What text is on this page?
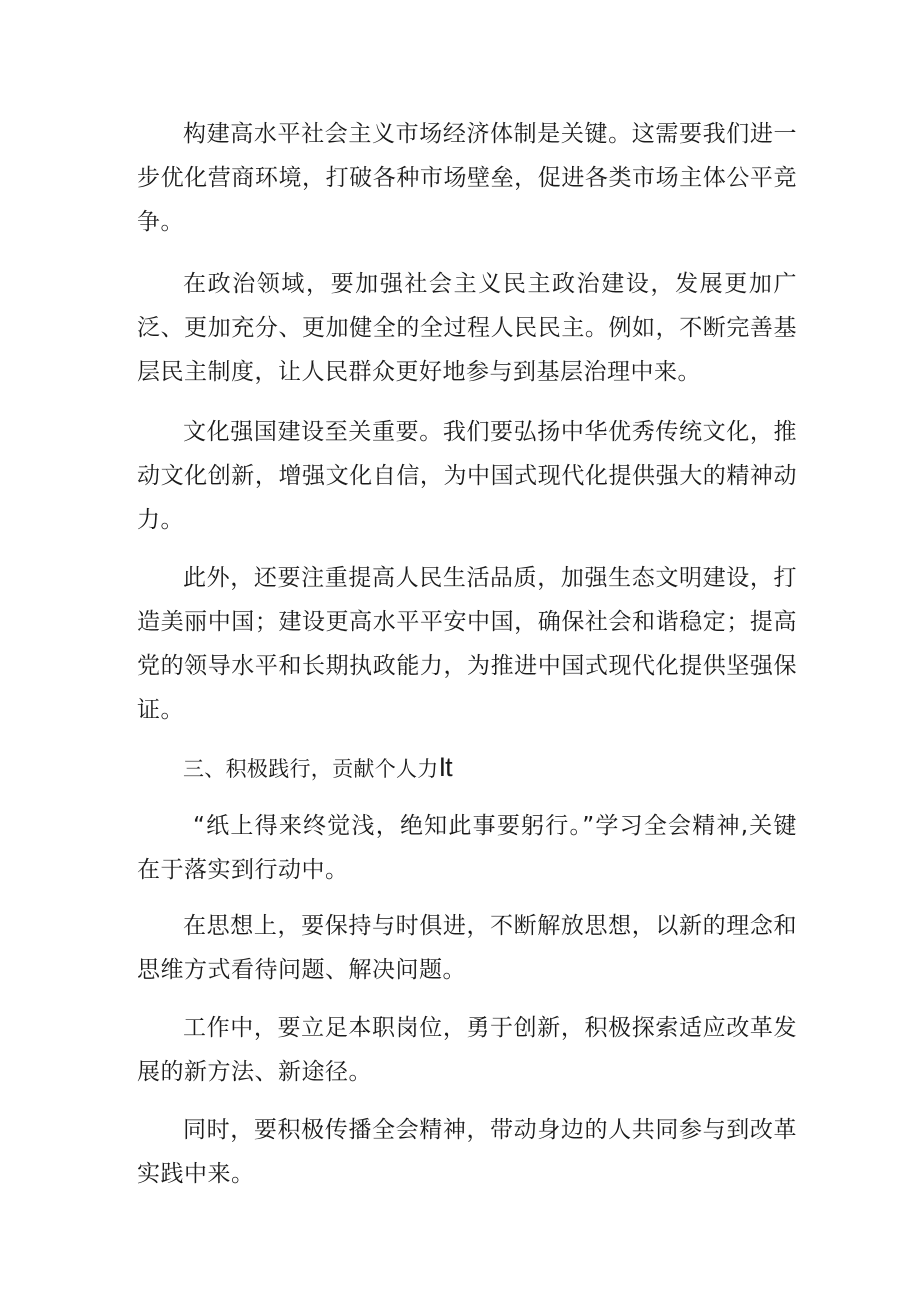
构建高水平社会主义市场经济体制是关键。这需要我们进一步优化营商环境，打破各种市场壁垒，促进各类市场主体公平竞争。

在政治领域，要加强社会主义民主政治建设，发展更加广泛、更加充分、更加健全的全过程人民民主。例如，不断完善基层民主制度，让人民群众更好地参与到基层治理中来。

文化强国建设至关重要。我们要弘扬中华优秀传统文化，推动文化创新，增强文化自信，为中国式现代化提供强大的精神动力。

此外，还要注重提高人民生活品质，加强生态文明建设，打造美丽中国；建设更高水平平安中国，确保社会和谐稳定；提高党的领导水平和长期执政能力，为推进中国式现代化提供坚强保证。

三、积极践行，贡献个人力It

“纸上得来终觉浅，绝知此事要躬行。”学习全会精神,关键在于落实到行动中。

在思想上，要保持与时俱进，不断解放思想，以新的理念和思维方式看待问题、解决问题。

工作中，要立足本职岗位，勇于创新，积极探索适应改革发展的新方法、新途径。

同时，要积极传播全会精神，带动身边的人共同参与到改革实践中来。
